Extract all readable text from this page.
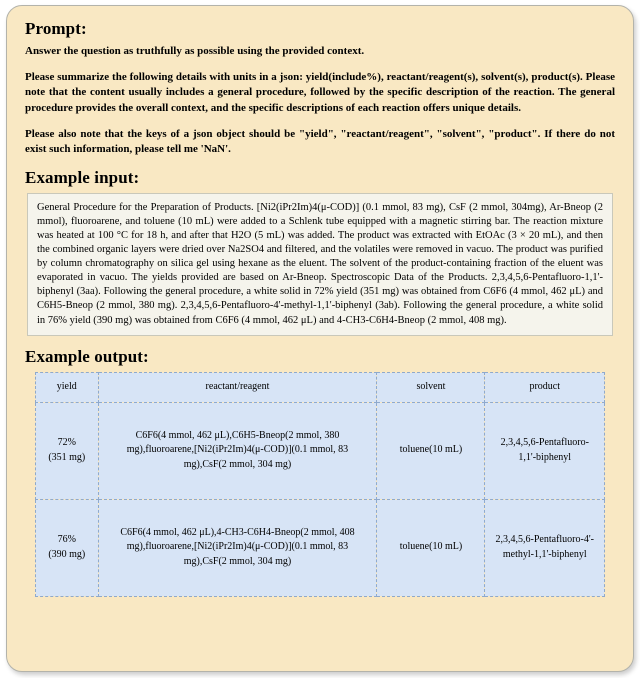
Prompt:

Answer the question as truthfully as possible using the provided context.

Please summarize the following details with units in a json: yield(include%), reactant/reagent(s), solvent(s), product(s). Please note that the content usually includes a general procedure, followed by the specific description of the reaction. The general procedure provides the overall context, and the specific descriptions of each reaction offers unique details.

Please also note that the keys of a json object should be "yield", "reactant/reagent", "solvent", "product". If there do not exist such information, please tell me 'NaN'.

Example input:

General Procedure for the Preparation of Products. [Ni2(iPr2Im)4(μ-COD)] (0.1 mmol, 83 mg), CsF (2 mmol, 304mg), Ar-Bneop (2 mmol), fluoroarene, and toluene (10 mL) were added to a Schlenk tube equipped with a magnetic stirring bar. The reaction mixture was heated at 100 °C for 18 h, and after that H2O (5 mL) was added. The product was extracted with EtOAc (3 × 20 mL), and then the combined organic layers were dried over Na2SO4 and filtered, and the volatiles were removed in vacuo. The product was purified by column chromatography on silica gel using hexane as the eluent. The solvent of the product-containing fraction of the eluent was evaporated in vacuo. The yields provided are based on Ar-Bneop. Spectroscopic Data of the Products. 2,3,4,5,6-Pentafluoro-1,1'-biphenyl (3aa). Following the general procedure, a white solid in 72% yield (351 mg) was obtained from C6F6 (4 mmol, 462 μL) and C6H5-Bneop (2 mmol, 380 mg). 2,3,4,5,6-Pentafluoro-4'-methyl-1,1'-biphenyl (3ab). Following the general procedure, a white solid in 76% yield (390 mg) was obtained from C6F6 (4 mmol, 462 μL) and 4-CH3-C6H4-Bneop (2 mmol, 408 mg).

Example output:
yield	reactant/reagent	solvent	product
72%
(351 mg)	C6F6(4 mmol, 462 μL),C6H5-Bneop(2 mmol, 380 mg),fluoroarene,[Ni2(iPr2Im)4(μ-COD)](0.1 mmol, 83 mg),CsF(2 mmol, 304 mg)	toluene(10 mL)	2,3,4,5,6-Pentafluoro-1,1'-biphenyl
76%
(390 mg)	C6F6(4 mmol, 462 μL),4-CH3-C6H4-Bneop(2 mmol, 408 mg),fluoroarene,[Ni2(iPr2Im)4(μ-COD)](0.1 mmol, 83 mg),CsF(2 mmol, 304 mg)	toluene(10 mL)	2,3,4,5,6-Pentafluoro-4'-methyl-1,1'-biphenyl
